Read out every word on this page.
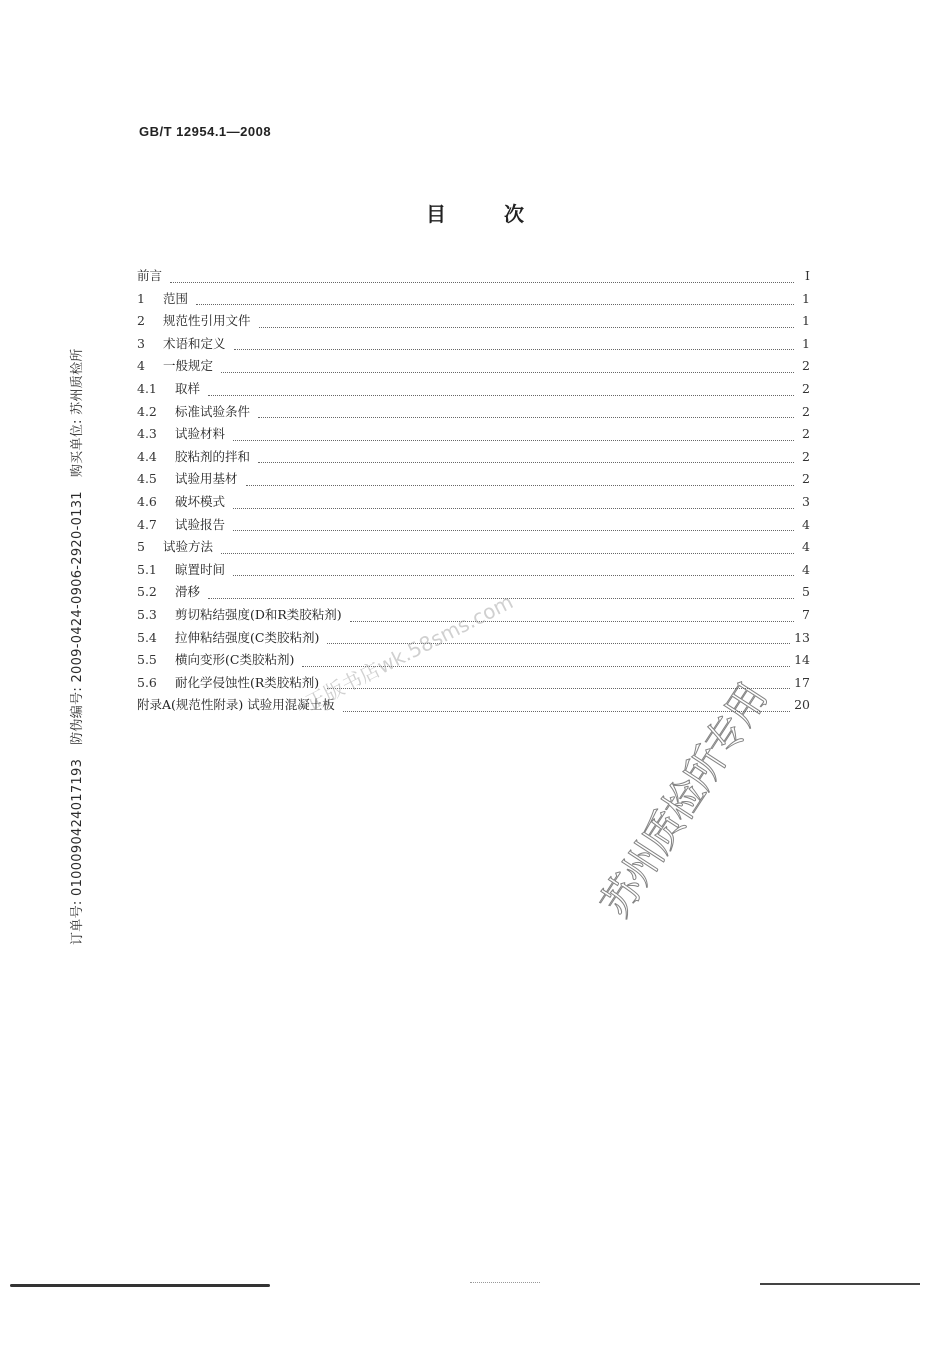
GB/T 12954.1—2008
目	次
前言	I
1	范围	1
2	规范性引用文件	1
3	术语和定义	1
4	一般规定	2
4.1	取样	2
4.2	标准试验条件	2
4.3	试验材料	2
4.4	胶粘剂的拌和	2
4.5	试验用基材	2
4.6	破坏模式	3
4.7	试验报告	4
5	试验方法	4
5.1	晾置时间	4
5.2	滑移	5
5.3	剪切粘结强度(D和R类胶粘剂)	7
5.4	拉伸粘结强度(C类胶粘剂)	13
5.5	横向变形(C类胶粘剂)	14
5.6	耐化学侵蚀性(R类胶粘剂)	17
附录A(规范性附录) 试验用混凝土板	20
订单号: 0100090424017193防伪编号: 2009-0424-0906-2920-0131购买单位: 苏州质检所
正版书店wk.58sms.com
苏州质检所专用
